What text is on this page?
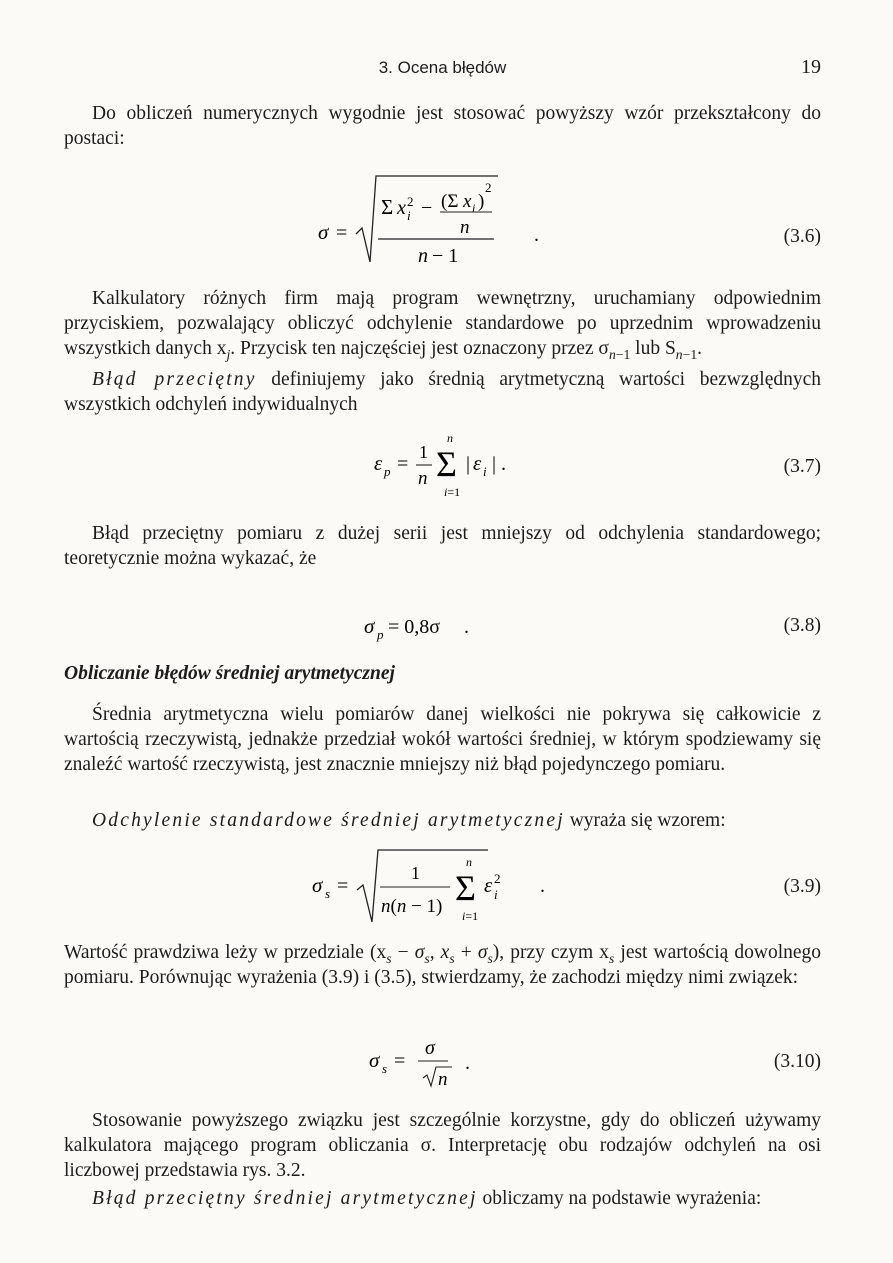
3. Ocena błędów	19

Do obliczeń numerycznych wygodnie jest stosować powyższy wzór przekształcony do postaci:

σ =
Σ x 2
i − (Σ x i )
2
n
n − 1
.	(3.6)

Kalkulatory różnych firm mają program wewnętrzny, uruchamiany odpowiednim przyciskiem, pozwalający obliczyć odchylenie standardowe po uprzednim wprowadzeniu wszystkich danych $x_j$. Przycisk ten najczęściej jest oznaczony przez $\sigma_{n-1}$ lub $S_{n-1}$.

Błąd przeciętny definiujemy jako średnią arytmetyczną wartości bezwzględnych wszystkich odchyleń indywidualnych

ε p =
1
n Σ
n
i=1
| ε i | .	(3.7)

Błąd przeciętny pomiaru z dużej serii jest mniejszy od odchylenia standardowego; teoretycznie można wykazać, że

σ p = 0,8σ .	(3.8)
Obliczanie błędów średniej arytmetycznej

Średnia arytmetyczna wielu pomiarów danej wielkości nie pokrywa się całkowicie z wartością rzeczywistą, jednakże przedział wokół wartości średniej, w którym spodziewamy się znaleźć wartość rzeczywistą, jest znacznie mniejszy niż błąd pojedynczego pomiaru.

Odchylenie standardowe średniej arytmetycznej wyraża się wzorem:

σ s =
1
n(n − 1) Σ
n
i=1
ε 2
i .	(3.9)

Wartość prawdziwa leży w przedziale ($x_s - \sigma_s$, $x_s + \sigma_s$), przy czym $x_s$ jest wartością dowolnego pomiaru. Porównując wyrażenia (3.9) i (3.5), stwierdzamy, że zachodzi między nimi związek:

σ s =
σ
n
.	(3.10)

Stosowanie powyższego związku jest szczególnie korzystne, gdy do obliczeń używamy kalkulatora mającego program obliczania σ. Interpretację obu rodzajów odchyleń na osi liczbowej przedstawia rys. 3.2.

Błąd przeciętny średniej arytmetycznej obliczamy na podstawie wyrażenia:
